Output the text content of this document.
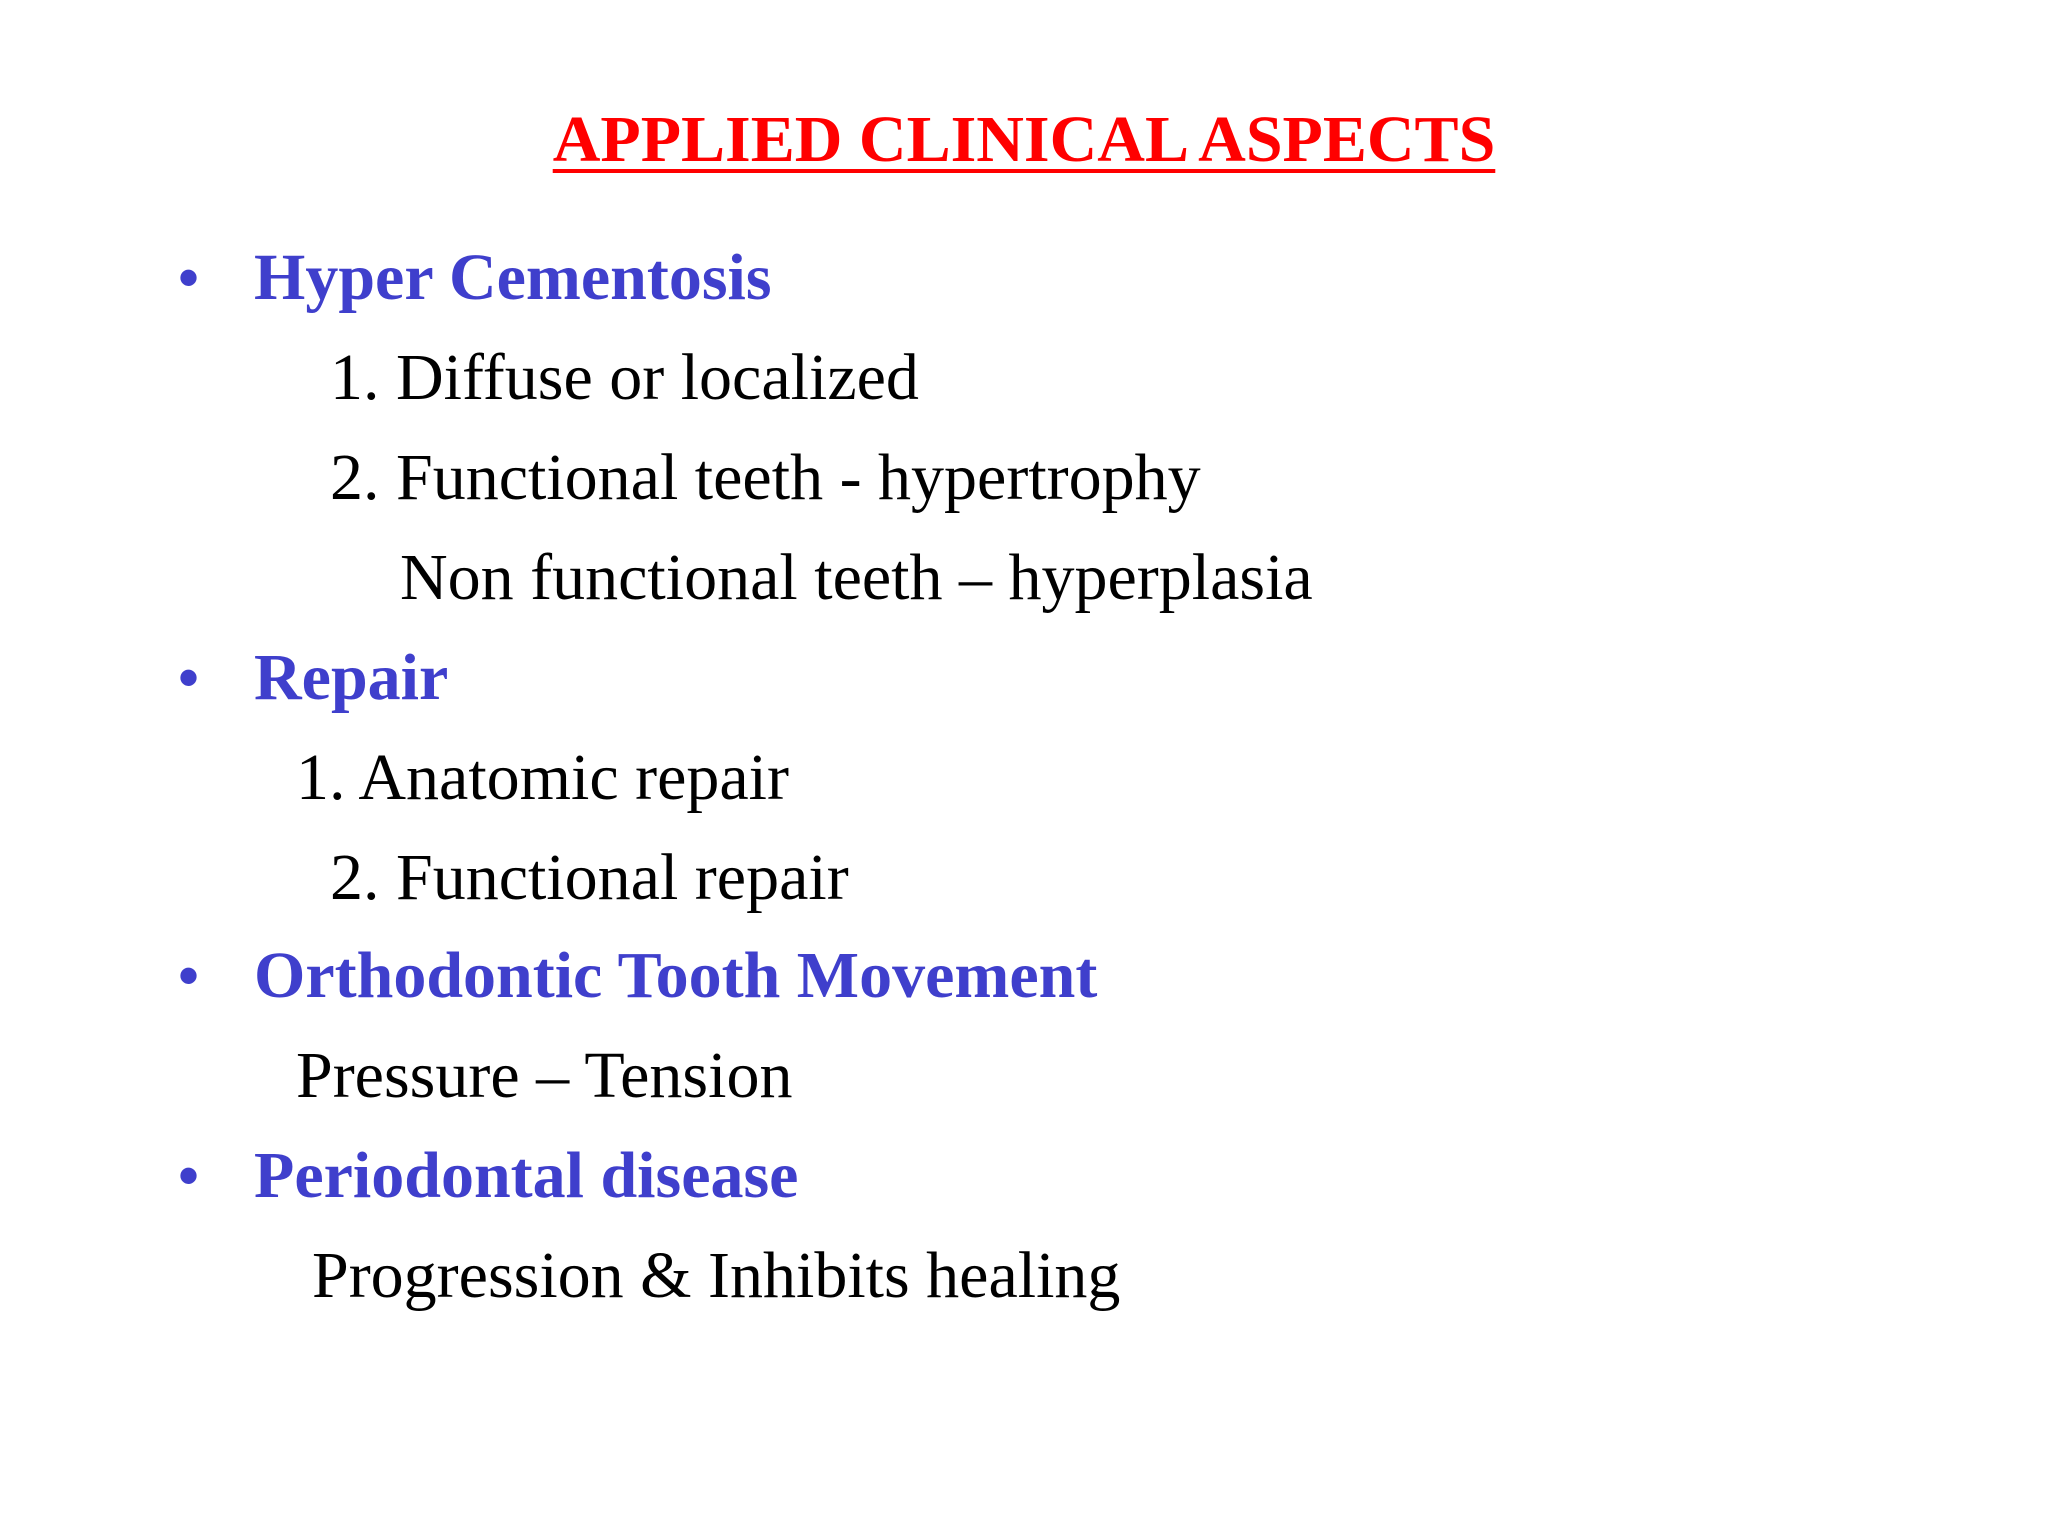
APPLIED CLINICAL ASPECTS
• Hyper Cementosis
1. Diffuse or localized
2. Functional teeth - hypertrophy
Non functional teeth – hyperplasia
• Repair
1. Anatomic repair
2. Functional repair
• Orthodontic Tooth Movement
Pressure – Tension
• Periodontal disease
Progression & Inhibits healing
